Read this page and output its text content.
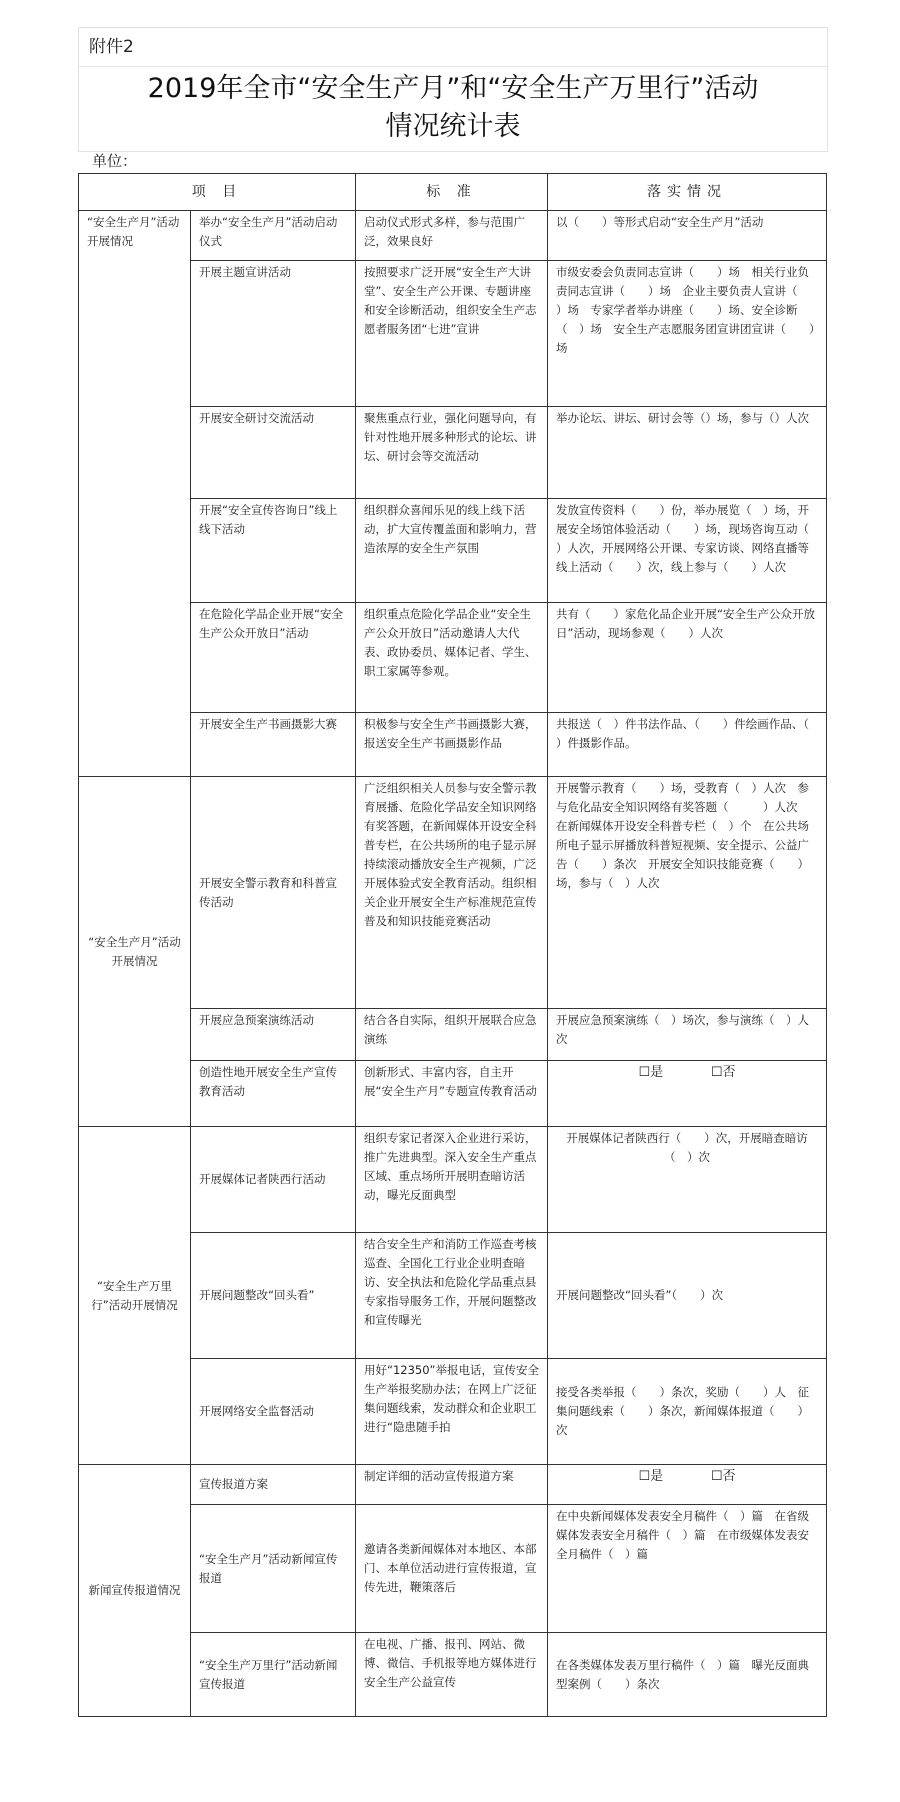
附件2
2019年全市“安全生产月”和“安全生产万里行”活动
情况统计表
单位：
项 目		标 准	落实情况
“安全生产月”活动开展情况	举办“安全生产月”活动启动仪式	启动仪式形式多样，参与范围广泛，效果良好	以（　　）等形式启动“安全生产月”活动
	开展主题宣讲活动	按照要求广泛开展“安全生产大讲堂”、安全生产公开课、专题讲座和安全诊断活动，组织安全生产志愿者服务团“七进”宣讲	市级安委会负责同志宣讲（　　）场　相关行业负责同志宣讲（　　）场　企业主要负责人宣讲（　　）场　专家学者举办讲座（　　）场、安全诊断（　）场　安全生产志愿服务团宣讲团宣讲（　　）场
	开展安全研讨交流活动	聚焦重点行业，强化问题导向，有针对性地开展多种形式的论坛、讲坛、研讨会等交流活动	举办论坛、讲坛、研讨会等（）场，参与（）人次
	开展“安全宣传咨询日”线上线下活动	组织群众喜闻乐见的线上线下活动，扩大宣传覆盖面和影响力，营造浓厚的安全生产氛围	发放宣传资料（　　）份，举办展览（　）场，开展安全场馆体验活动（　　）场，现场咨询互动（　　）人次，开展网络公开课、专家访谈、网络直播等线上活动（　　）次，线上参与（　　）人次
	在危险化学品企业开展“安全生产公众开放日”活动	组织重点危险化学品企业“安全生产公众开放日”活动邀请人大代表、政协委员、媒体记者、学生、职工家属等参观。	共有（　　）家危化品企业开展“安全生产公众开放日”活动，现场参观（　　）人次
	开展安全生产书画摄影大赛	积极参与安全生产书画摄影大赛，报送安全生产书画摄影作品	共报送（　）件书法作品、（　　）件绘画作品、（　　）件摄影作品。
“安全生产月”活动开展情况	开展安全警示教育和科普宣传活动	广泛组织相关人员参与安全警示教育展播、危险化学品安全知识网络有奖答题，在新闻媒体开设安全科普专栏，在公共场所的电子显示屏持续滚动播放安全生产视频，广泛开展体验式安全教育活动。组织相关企业开展安全生产标准规范宣传普及和知识技能竞赛活动	开展警示教育（　　）场，受教育（　）人次　参与危化品安全知识网络有奖答题（　　　）人次　在新闻媒体开设安全科普专栏（　）个　在公共场所电子显示屏播放科普短视频、安全提示、公益广告（　　）条次　开展安全知识技能竞赛（　　）场，参与（　）人次
	开展应急预案演练活动	结合各自实际，组织开展联合应急演练	开展应急预案演练（　）场次，参与演练（　）人次
	创造性地开展安全生产宣传教育活动	创新形式、丰富内容，自主开展“安全生产月”专题宣传教育活动	☐是 ☐否
“安全生产万里行”活动开展情况	开展媒体记者陕西行活动	组织专家记者深入企业进行采访，推广先进典型。深入安全生产重点区域、重点场所开展明查暗访活动，曝光反面典型	开展媒体记者陕西行（　　）次，开展暗查暗访（　）次
	开展问题整改“回头看”	结合安全生产和消防工作巡查考核巡查、全国化工行业企业明查暗访、安全执法和危险化学品重点县专家指导服务工作，开展问题整改和宣传曝光	开展问题整改“回头看”（　　）次
	开展网络安全监督活动	用好“12350”举报电话，宣传安全生产举报奖励办法；在网上广泛征集问题线索，发动群众和企业职工进行“隐患随手拍	接受各类举报（　　）条次，奖励（　　）人　征集问题线索（　　）条次，新闻媒体报道（　　）次
新闻宣传报道情况	宣传报道方案	制定详细的活动宣传报道方案	☐是 ☐否
	“安全生产月”活动新闻宣传报道	邀请各类新闻媒体对本地区、本部门、本单位活动进行宣传报道，宣传先进，鞭策落后	在中央新闻媒体发表安全月稿件（　）篇　在省级媒体发表安全月稿件（　）篇　在市级媒体发表安全月稿件（　）篇
	“安全生产万里行”活动新闻宣传报道	在电视、广播、报刊、网站、微博、微信、手机报等地方媒体进行安全生产公益宣传	在各类媒体发表万里行稿件（　）篇　曝光反面典型案例（　　）条次
